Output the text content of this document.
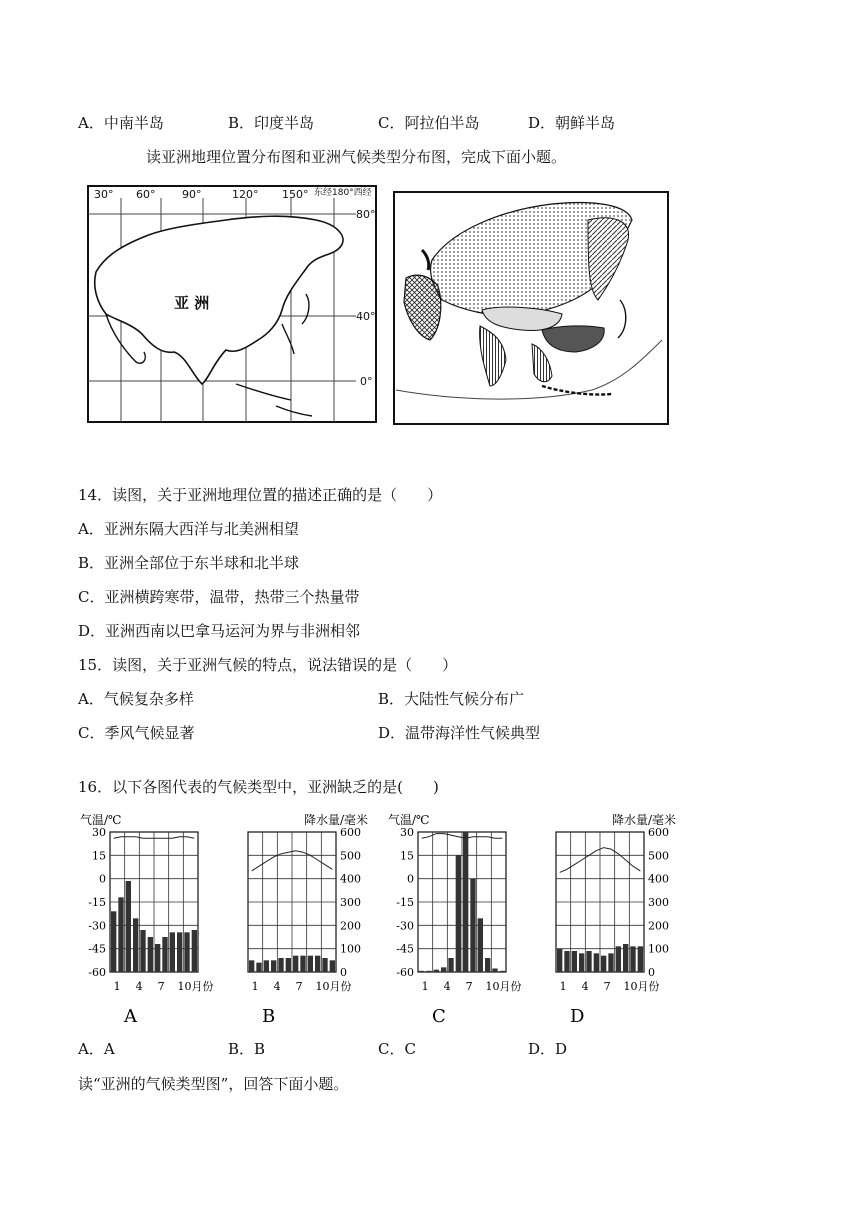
A．中南半岛	B．印度半岛	C．阿拉伯半岛	D．朝鲜半岛
读亚洲地理位置分布图和亚洲气候类型分布图，完成下面小题。
30° 60° 90°	120° 150° 东经180°西经
80°
40°
0°
亚 洲
14．读图，关于亚洲地理位置的描述正确的是（　　）
A．亚洲东隔大西洋与北美洲相望
B．亚洲全部位于东半球和北半球
C．亚洲横跨寒带，温带，热带三个热量带
D．亚洲西南以巴拿马运河为界与非洲相邻
15．读图，关于亚洲气候的特点，说法错误的是（　　）
A．气候复杂多样	B．大陆性气候分布广
C．季风气候显著	D．温带海洋性气候典型
16．以下各图代表的气候类型中，亚洲缺乏的是(　　)
气温/℃
30
15
0
-15
-30
-45
-60
1 4 7 10月份
A
降水量/毫米
600
500
400
300
200
100
0
1 4 7 10月份
B
气温/℃
30
15
0
-15
-30
-45
-60
1 4 7 10月份
C
降水量/毫米
600
500
400
300
200
100
0
1 4 7 10月份
D
A．A	B．B	C．C	D．D
读“亚洲的气候类型图”，回答下面小题。
